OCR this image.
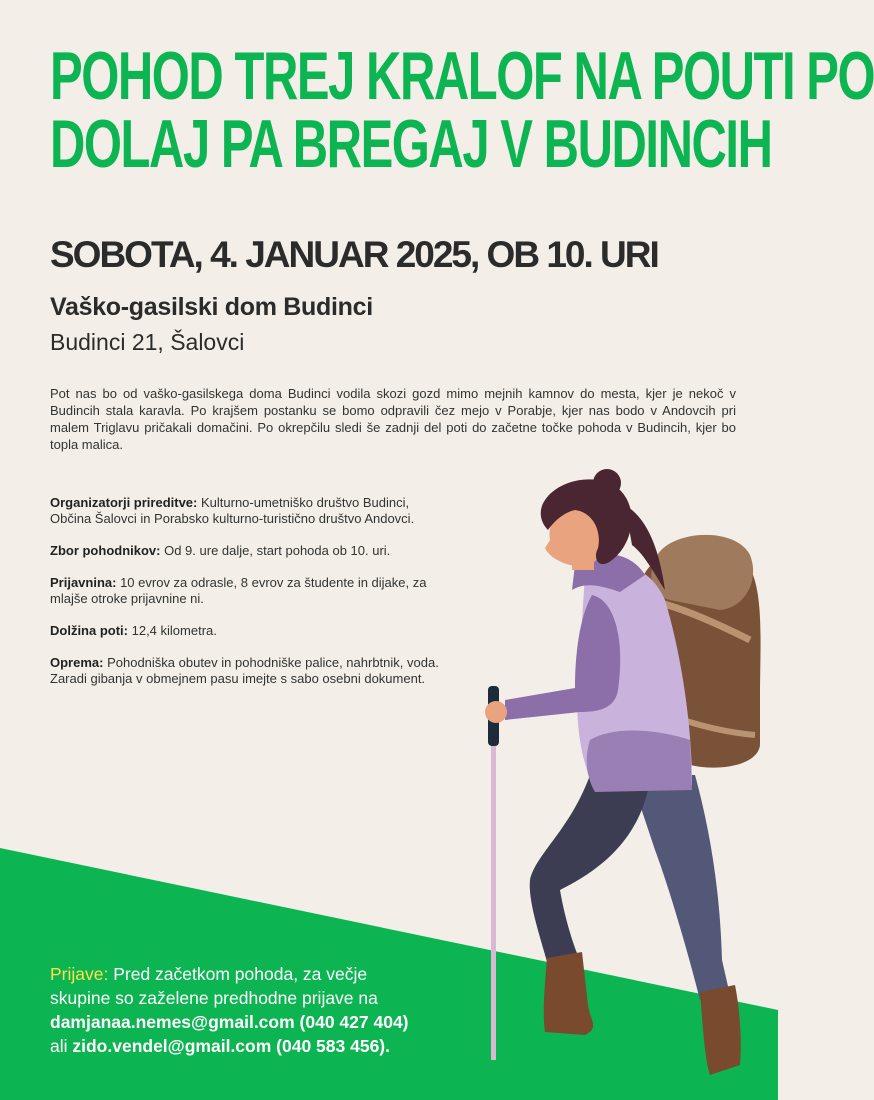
POHOD TREJ KRALOF NA POUTI PO
DOLAJ PA BREGAJ V BUDINCIH
SOBOTA, 4. JANUAR 2025, OB 10. URI
Vaško-gasilski dom Budinci
Budinci 21, Šalovci

Pot nas bo od vaško-gasilskega doma Budinci vodila skozi gozd mimo mejnih kamnov do mesta, kjer je nekoč v Budincih stala karavla. Po krajšem postanku se bomo odpravili čez mejo v Porabje, kjer nas bodo v Andovcih pri malem Triglavu pričakali domačini. Po okrepčilu sledi še zadnji del poti do začetne točke pohoda v Budincih, kjer bo topla malica.

Organizatorji prireditve: Kulturno-umetniško društvo Budinci, Občina Šalovci in Porabsko kulturno-turistično društvo Andovci.

Zbor pohodnikov: Od 9. ure dalje, start pohoda ob 10. uri.

Prijavnina: 10 evrov za odrasle, 8 evrov za študente in dijake, za mlajše otroke prijavnine ni.

Dolžina poti: 12,4 kilometra.

Oprema: Pohodniška obutev in pohodniške palice, nahrbtnik, voda. Zaradi gibanja v obmejnem pasu imejte s sabo osebni dokument.

Prijave: Pred začetkom pohoda, za večje
skupine so zaželene predhodne prijave na
damjanaa.nemes@gmail.com (040 427 404)
ali zido.vendel@gmail.com (040 583 456).
